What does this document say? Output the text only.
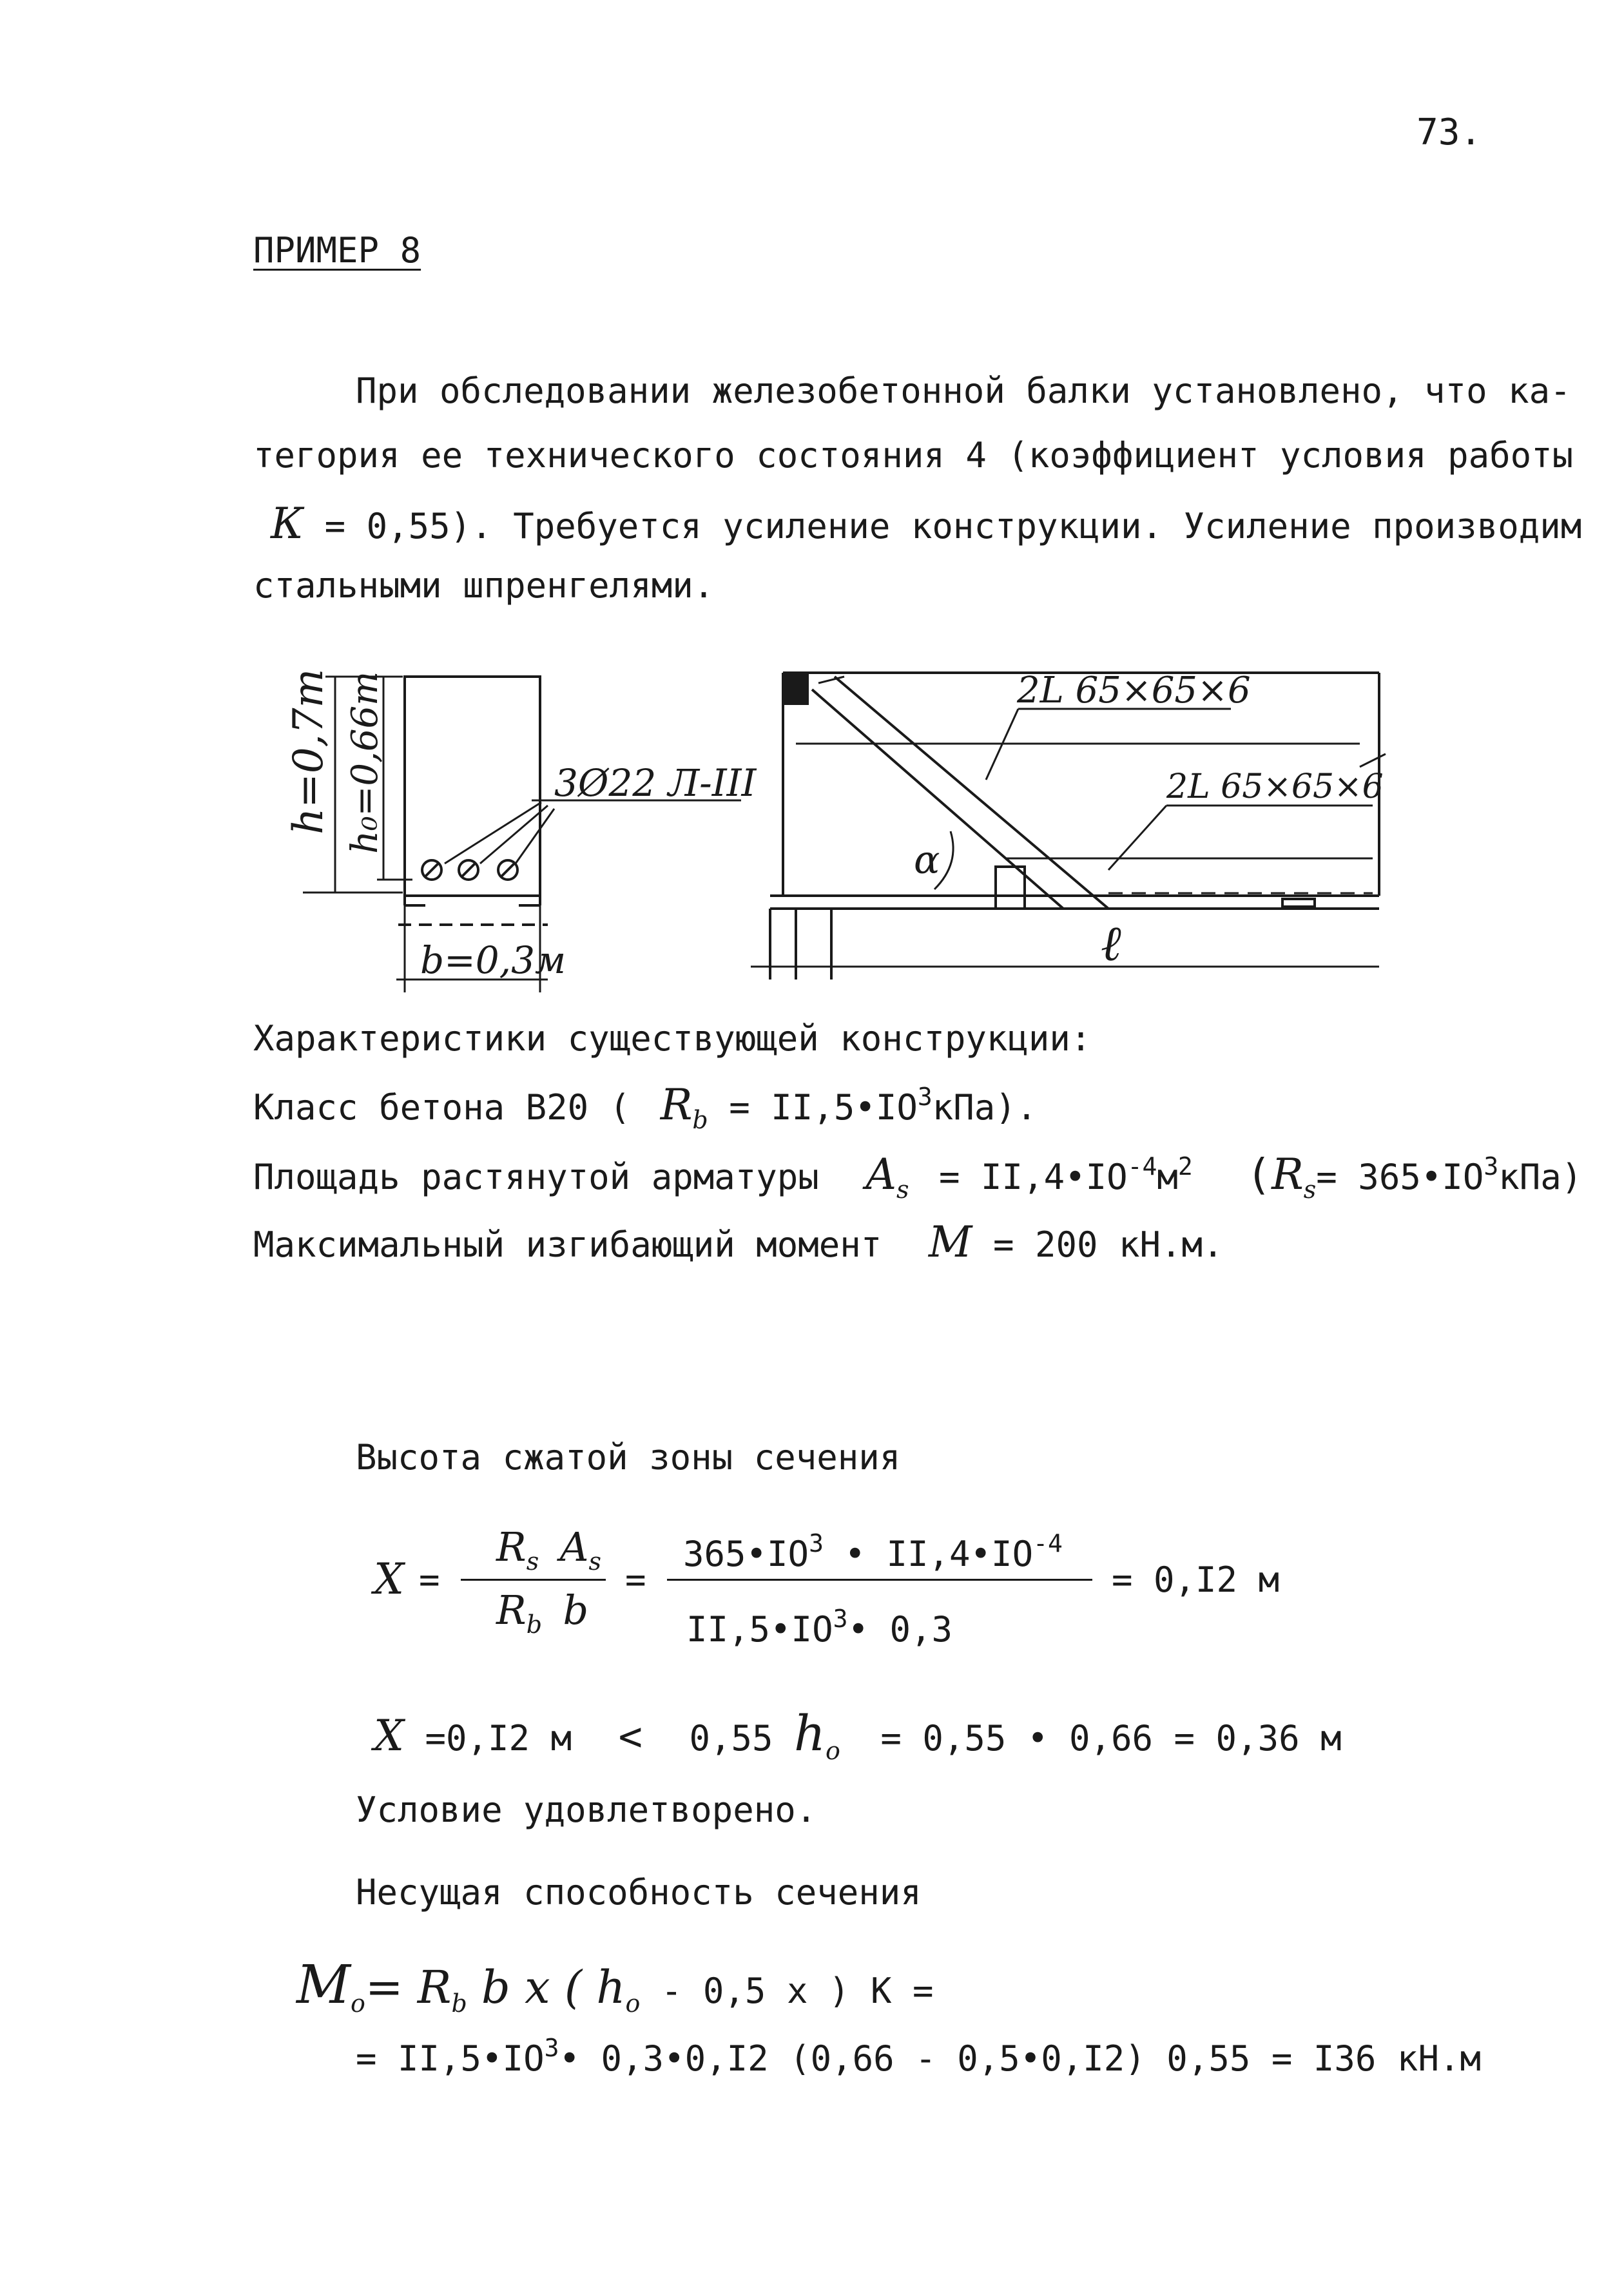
73.
ПРИМЕР 8
При обследовании железобетонной балки установлено, что ка-
тегория ее технического состояния 4 (коэффициент условия работы
К = 0,55). Требуется усиление конструкции. Усиление производим
стальными шпренгелями.
h=0,7m h₀=0,66m	3Ø22 Л-III
b=0,3м
2L 65×65×6
2L 65×65×6
α
ℓ
Характеристики существующей конструкции:
Класс бетона В20 ( $R_b$ = $II,5•IO^3кПа$).
Площадь растянутой арматуры $A_s$ = $II,4•IO^{-4}м^2$ ($R_s=$ $365•IO^3кПа$)
Максимальный изгибающий момент M = 200 кН.м.
Высота сжатой зоны сечения
X =
$R_s$ $A_s$
$R_b$ b
=
$365•IO^3$ • $II,4•IO^{-4}$
$II,5•IO^3•$ 0,3
= 0,I2 м
X =0,I2 м < 0,55 $h_o = 0,55$ • 0,66 = 0,36 м
Условие удовлетворено.
Несущая способность сечения
$M_o= R_b$ b x ( $h_o - 0,5$ x ) К =
= $II,5•IO^3•$ 0,3•0,I2 (0,66 - 0,5•0,I2) 0,55 = I36 кН.м
